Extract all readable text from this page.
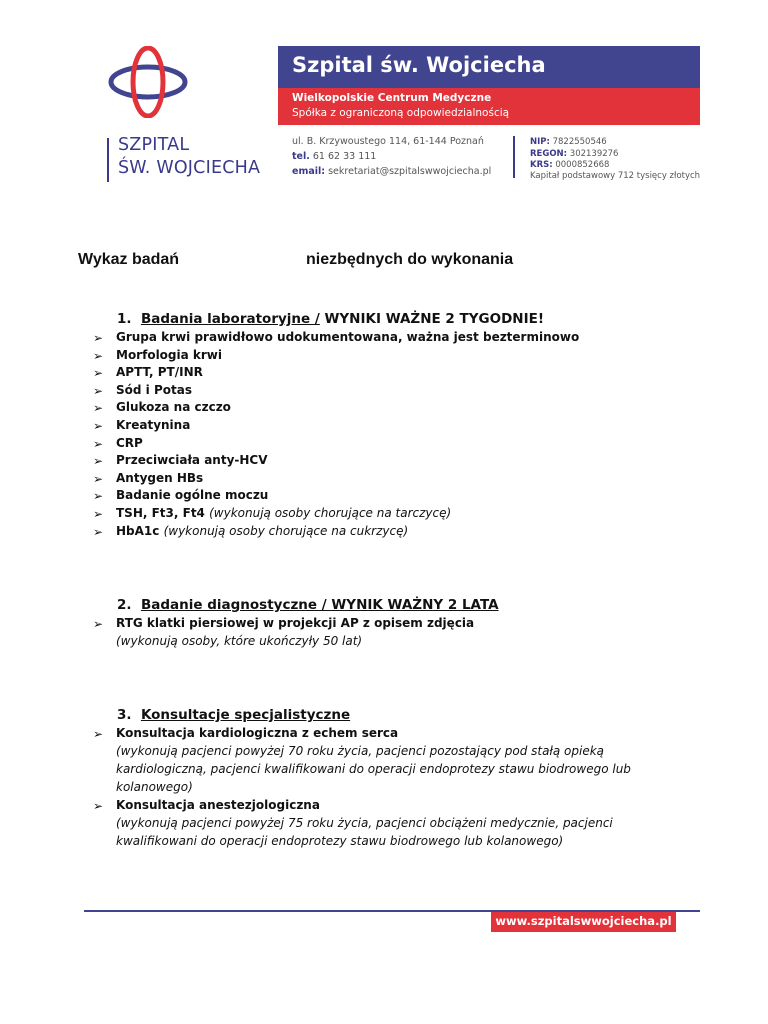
SZPITAL
ŚW. WOJCIECHA
Szpital św. Wojciecha
Wielkopolskie Centrum Medyczne
Spółka z ograniczoną odpowiedzialnością
ul. B. Krzywoustego 114, 61-144 Poznań
tel. 61 62 33 111
email: sekretariat@szpitalswwojciecha.pl
NIP: 7822550546
REGON: 302139276
KRS: 0000852668
Kapitał podstawowy 712 tysięcy złotych
Wykaz badań	niezbędnych do wykonania
1. Badania laboratoryjne / WYNIKI WAŻNE 2 TYGODNIE!
➢ Grupa krwi prawidłowo udokumentowana, ważna jest bezterminowo
➢ Morfologia krwi
➢ APTT, PT/INR
➢ Sód i Potas
➢ Glukoza na czczo
➢ Kreatynina
➢ CRP
➢ Przeciwciała anty-HCV
➢ Antygen HBs
➢ Badanie ogólne moczu
➢ TSH, Ft3, Ft4 (wykonują osoby chorujące na tarczycę)
➢ HbA1c (wykonują osoby chorujące na cukrzycę)
2. Badanie diagnostyczne / WYNIK WAŻNY 2 LATA
➢ RTG klatki piersiowej w projekcji AP z opisem zdjęcia
(wykonują osoby, które ukończyły 50 lat)
3. Konsultacje specjalistyczne
➢ Konsultacja kardiologiczna z echem serca
(wykonują pacjenci powyżej 70 roku życia, pacjenci pozostający pod stałą opieką
kardiologiczną, pacjenci kwalifikowani do operacji endoprotezy stawu biodrowego lub
kolanowego)
➢ Konsultacja anestezjologiczna
(wykonują pacjenci powyżej 75 roku życia, pacjenci obciążeni medycznie, pacjenci
kwalifikowani do operacji endoprotezy stawu biodrowego lub kolanowego)
www.szpitalswwojciecha.pl
